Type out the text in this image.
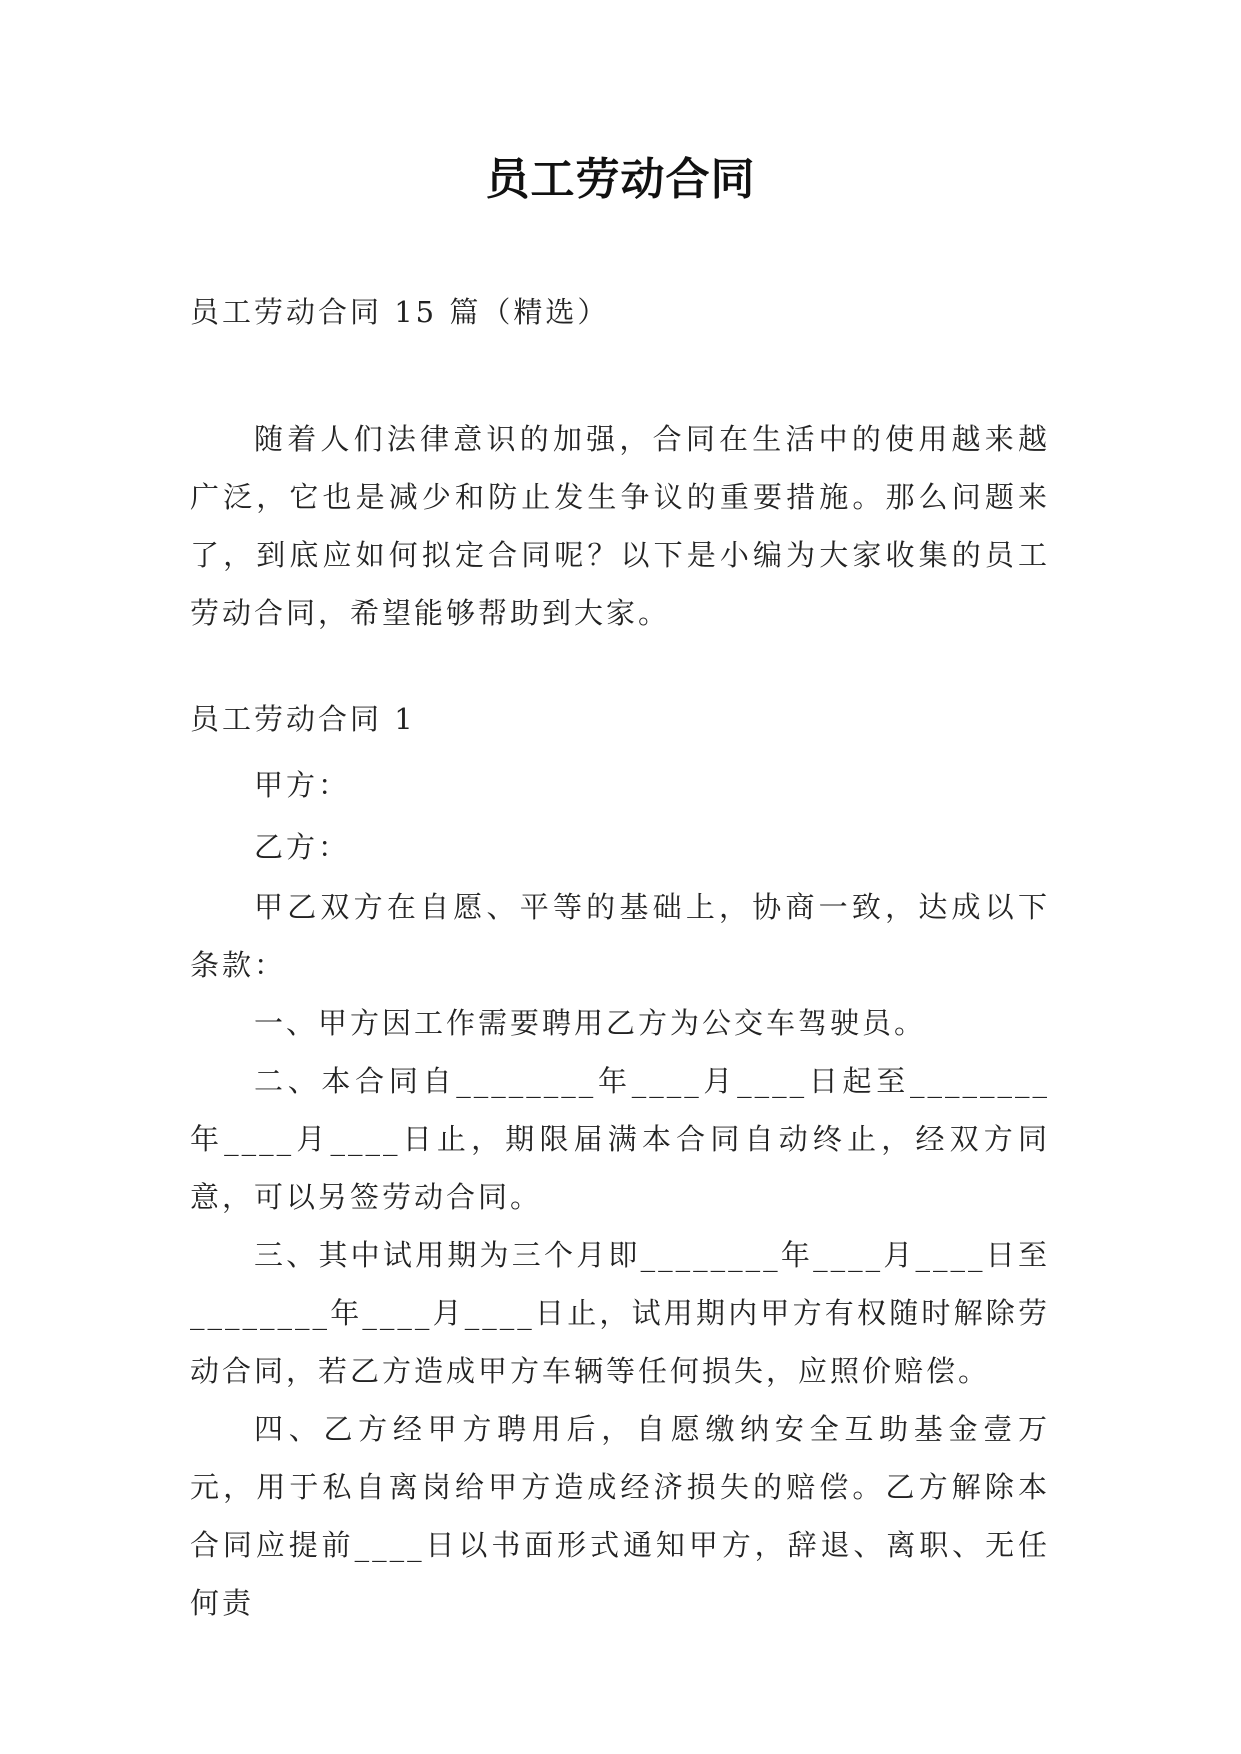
员工劳动合同
员工劳动合同 15 篇（精选）

随着人们法律意识的加强，合同在生活中的使用越来越广泛，它也是减少和防止发生争议的重要措施。那么问题来了，到底应如何拟定合同呢？以下是小编为大家收集的员工劳动合同，希望能够帮助到大家。

员工劳动合同 1

甲方：

乙方：

甲乙双方在自愿、平等的基础上，协商一致，达成以下条款：

一、甲方因工作需要聘用乙方为公交车驾驶员。

二、本合同自________年____月____日起至________年____月____日止，期限届满本合同自动终止，经双方同意，可以另签劳动合同。

三、其中试用期为三个月即________年____月____日至________年____月____日止，试用期内甲方有权随时解除劳动合同，若乙方造成甲方车辆等任何损失，应照价赔偿。

四、乙方经甲方聘用后，自愿缴纳安全互助基金壹万元，用于私自离岗给甲方造成经济损失的赔偿。乙方解除本合同应提前____日以书面形式通知甲方，辞退、离职、无任何责
